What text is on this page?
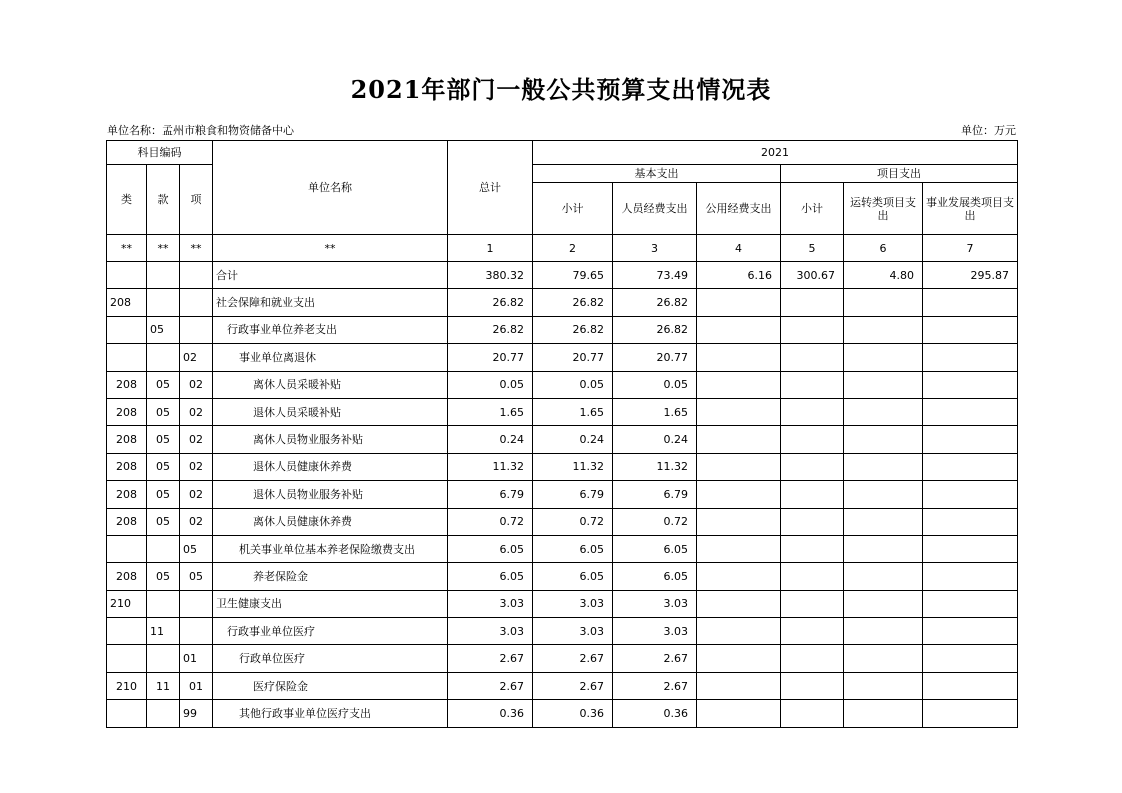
2021年部门一般公共预算支出情况表
单位名称：孟州市粮食和物资储备中心	单位：万元
科目编码			单位名称	总计	2021					
类	款	项			基本支出			项目支出		
					小计	人员经费支出	公用经费支出	小计	运转类项目支出	事业发展类项目支出
**	**	**	**	1	2	3	4	5	6	7
			合计	380.32	79.65	73.49	6.16	300.67	4.80	295.87
208			社会保障和就业支出	26.82	26.82	26.82				
	05		行政事业单位养老支出	26.82	26.82	26.82				
		02	事业单位离退休	20.77	20.77	20.77				
208	05	02	离休人员采暖补贴	0.05	0.05	0.05				
208	05	02	退休人员采暖补贴	1.65	1.65	1.65				
208	05	02	离休人员物业服务补贴	0.24	0.24	0.24				
208	05	02	退休人员健康休养费	11.32	11.32	11.32				
208	05	02	退休人员物业服务补贴	6.79	6.79	6.79				
208	05	02	离休人员健康休养费	0.72	0.72	0.72				
		05	机关事业单位基本养老保险缴费支出	6.05	6.05	6.05				
208	05	05	养老保险金	6.05	6.05	6.05				
210			卫生健康支出	3.03	3.03	3.03				
	11		行政事业单位医疗	3.03	3.03	3.03				
		01	行政单位医疗	2.67	2.67	2.67				
210	11	01	医疗保险金	2.67	2.67	2.67				
		99	其他行政事业单位医疗支出	0.36	0.36	0.36				
